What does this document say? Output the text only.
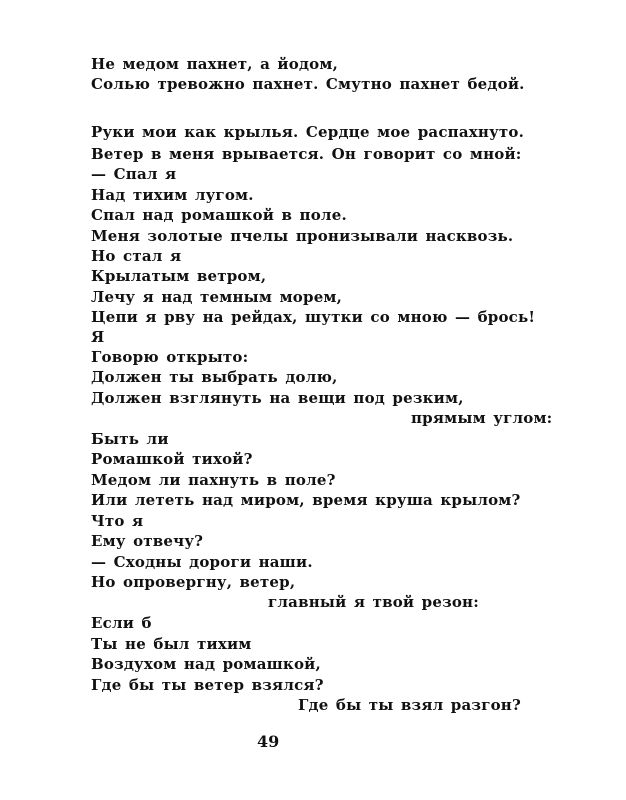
Не медом пахнет, а йодом,
Солью тревожно пахнет. Смутно пахнет бедой.
Руки мои как крылья. Сердце мое распахнуто.
Ветер в меня врывается. Он говорит со мной:
— Спал я
Над тихим лугом.
Спал над ромашкой в поле.
Меня золотые пчелы пронизывали насквозь.
Но стал я
Крылатым ветром,
Лечу я над темным морем,
Цепи я рву на рейдах, шутки со мною — брось!
Я
Говорю открыто:
Должен ты выбрать долю,
Должен взглянуть на вещи под резким,
прямым углом:
Быть ли
Ромашкой тихой?
Медом ли пахнуть в поле?
Или лететь над миром, время круша крылом?
Что я
Ему отвечу?
— Сходны дороги наши.
Но опровергну, ветер,
главный я твой резон:
Если б
Ты не был тихим
Воздухом над ромашкой,
Где бы ты ветер взялся?
Где бы ты взял разгон?
49
